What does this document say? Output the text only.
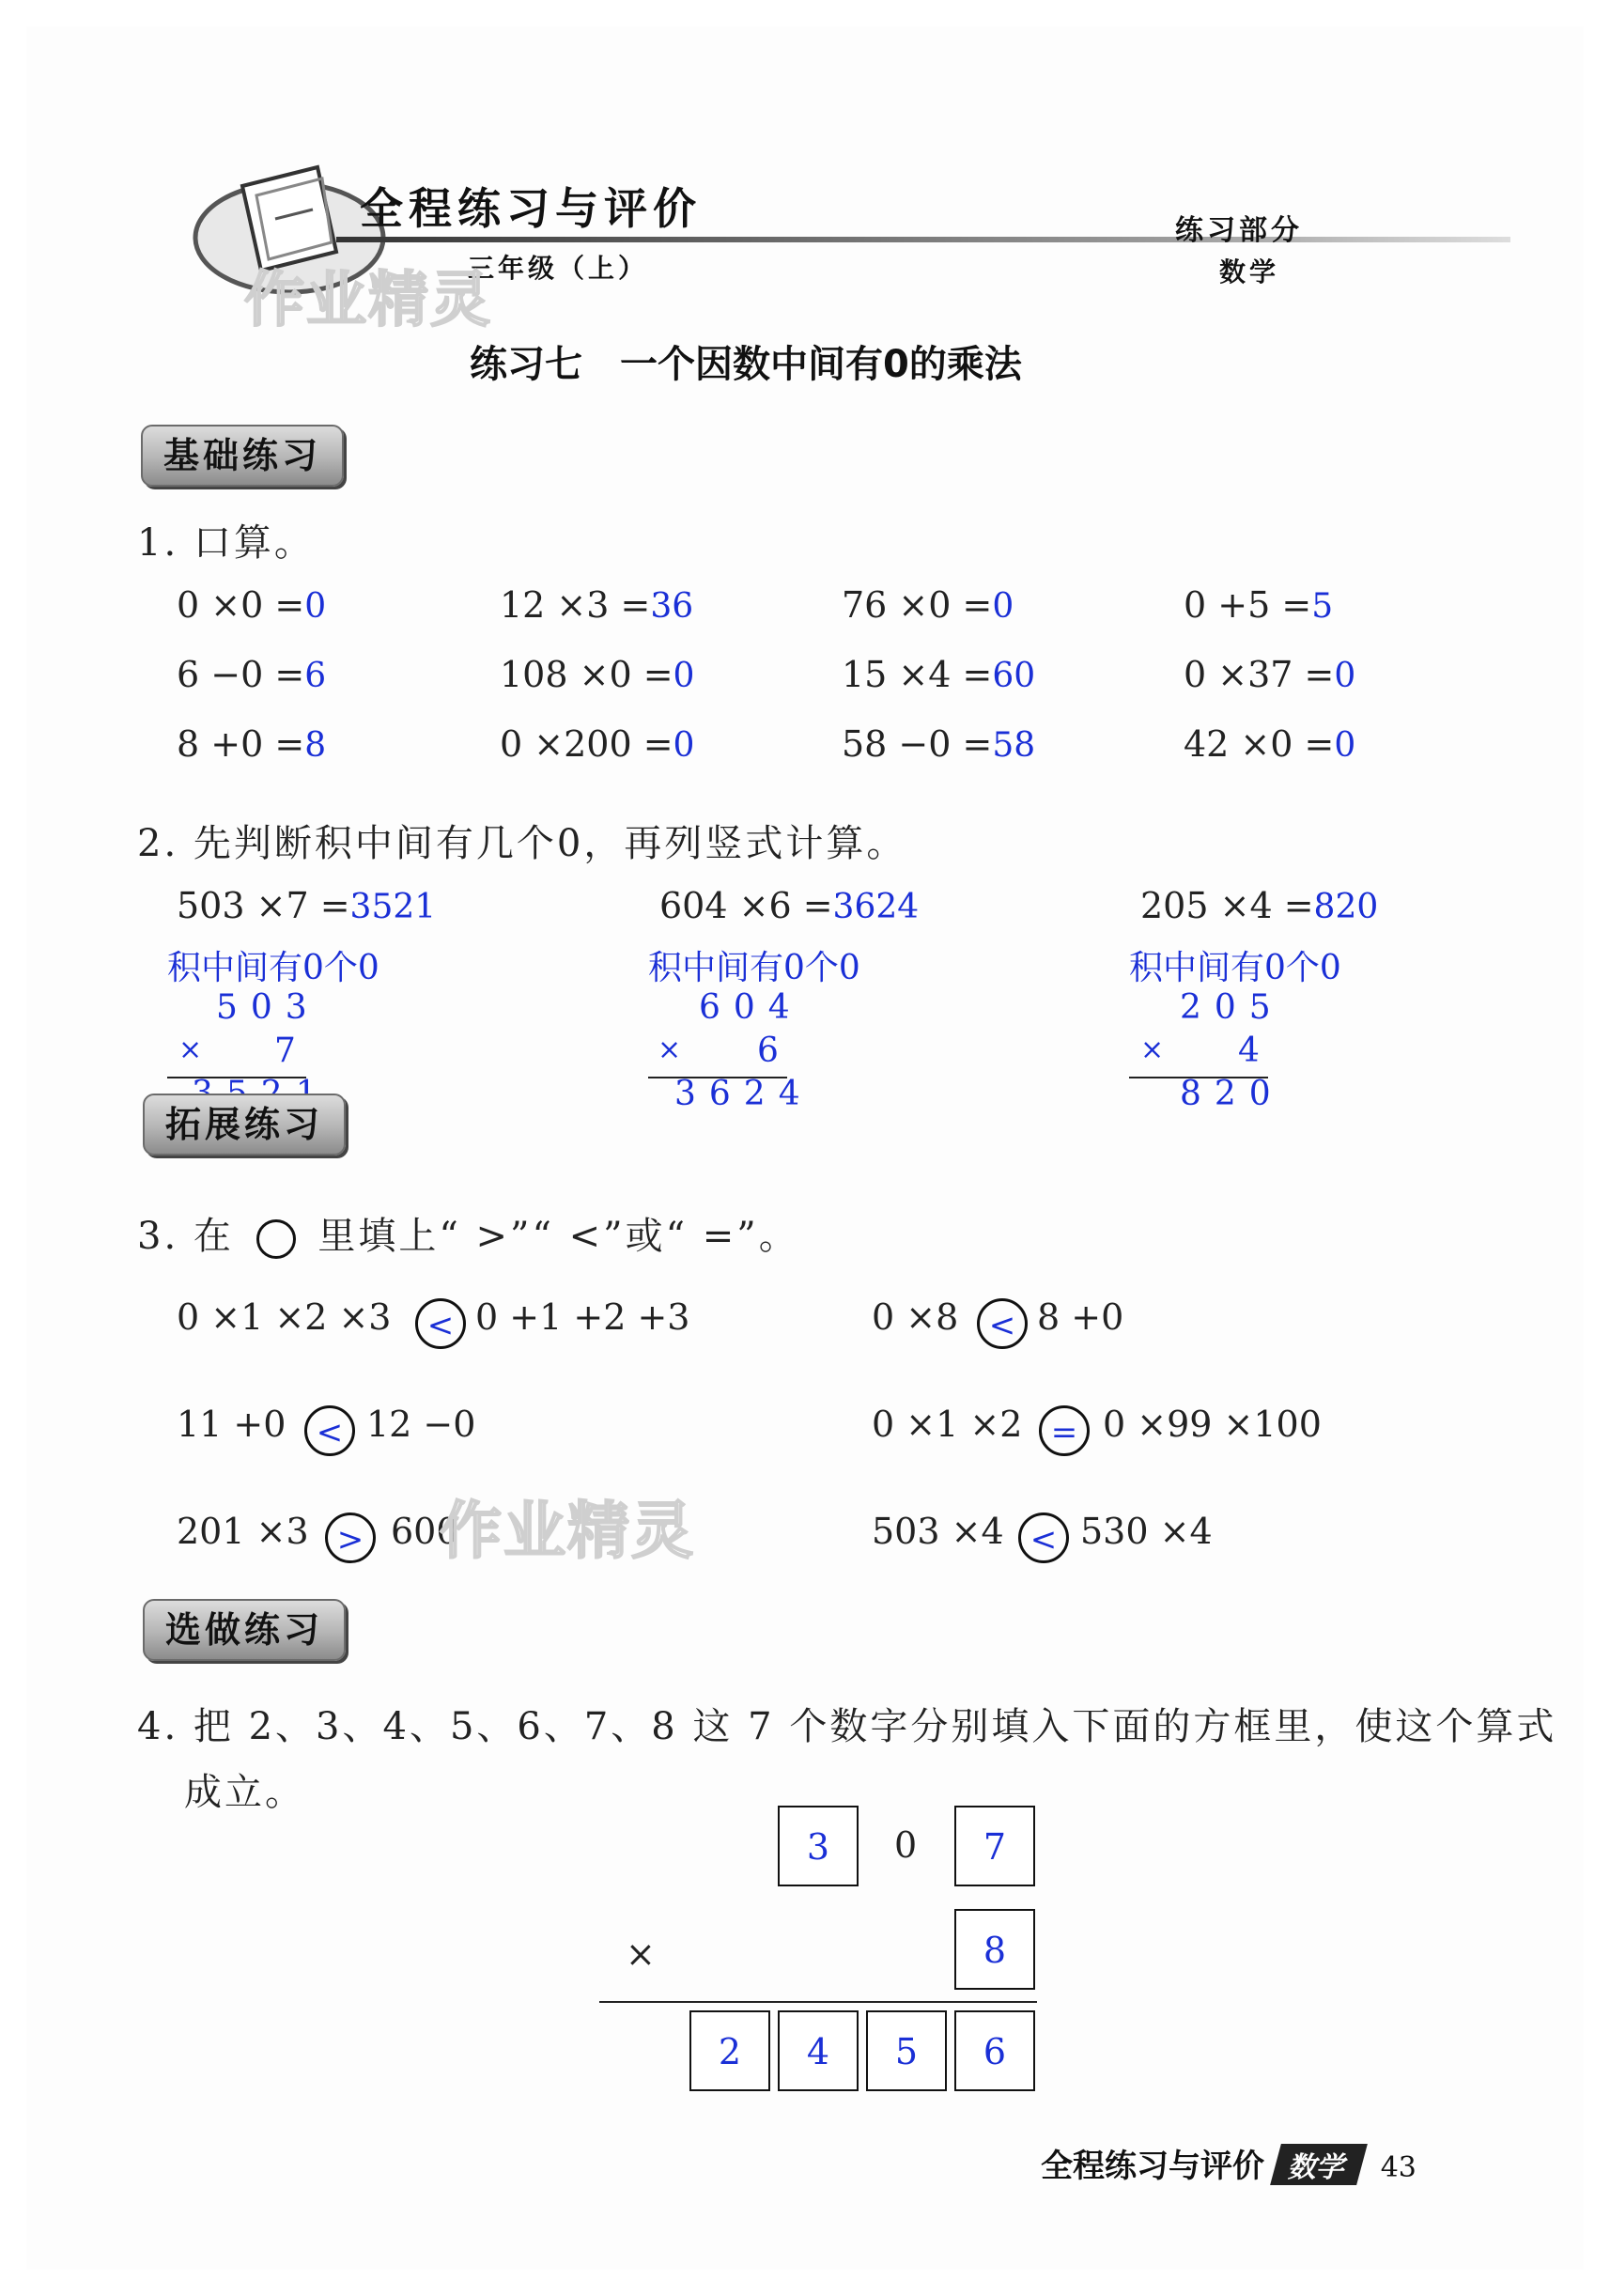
全程练习与评价
三年级（上）
练习部分
数学
作业精灵
练习七　一个因数中间有0的乘法
基础练习
1. 口算。
0 ×0 =0	12 ×3 =36	76 ×0 =0	0 +5 =5
6 −0 =6	108 ×0 =0	15 ×4 =60	0 ×37 =0
8 +0 =8	0 ×200 =0	58 −0 =58	42 ×0 =0
2. 先判断积中间有几个0，再列竖式计算。
503 ×7 =3521
积中间有0个0
503
× 7
604 ×6 =3624
积中间有0个0
604
× 6
3624
205 ×4 =820
积中间有0个0
205
× 4
820
拓展练习
3. 在 里填上“ >”“ <”或“ =”。
0 ×1 ×2 ×3	< 0 +1 +2 +3	0 ×8 < 8 +0
11 +0 < 12 −0	0 ×1 ×2 = 0 ×99 ×100
201 ×3 > 600	503 ×4 < 530 ×4
作业精灵
选做练习
4. 把 2、3、4、5、6、7、8 这 7 个数字分别填入下面的方框里，使这个算式
成立。
3	0	7
×	8
2	4	5	6
全程练习与评价 数学 43
